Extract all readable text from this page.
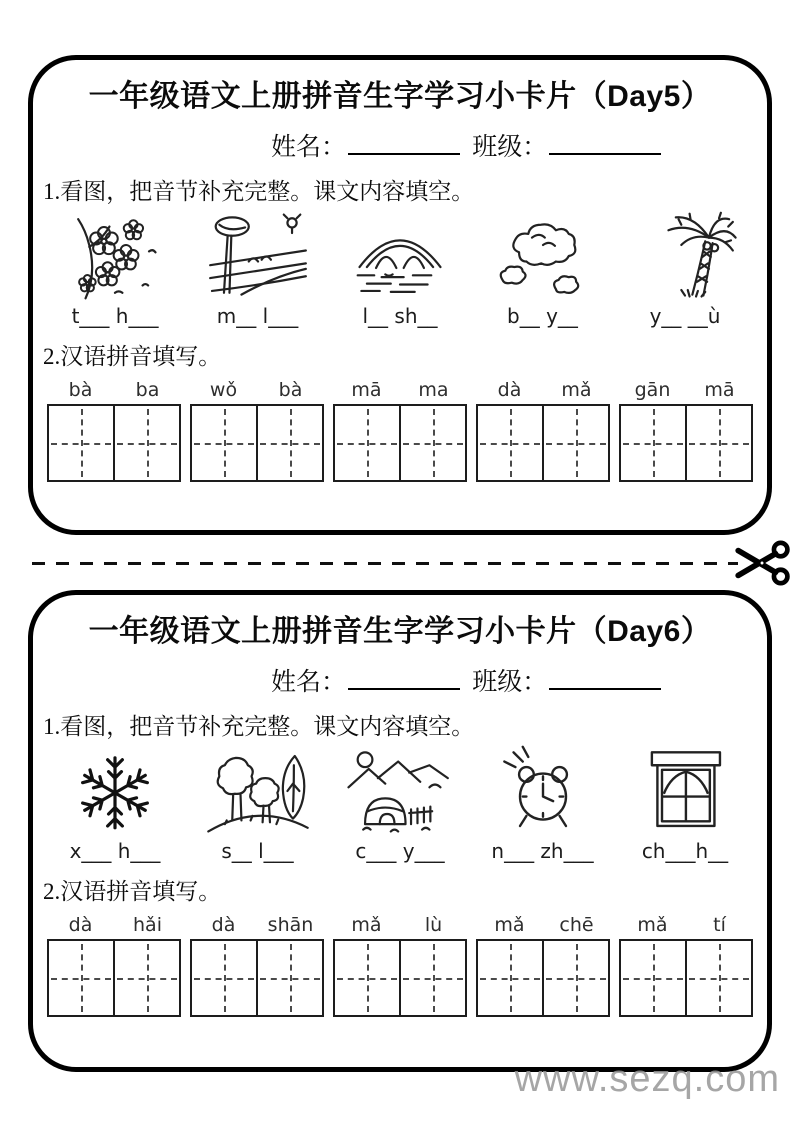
一年级语文上册拼音生字学习小卡片（Day5）
姓名：	班级：
1.看图，把音节补充完整。课文内容填空。
t___ h___	m__ l___	l__ sh__	b__ y__	y__ __ù
2.汉语拼音填写。
bà	ba	wǒ	bà	mā	ma	dà	mǎ	gān	mā
一年级语文上册拼音生字学习小卡片（Day6）
姓名：	班级：
1.看图，把音节补充完整。课文内容填空。
x___ h___	s__ l___	c___ y___ n___ zh___ ch___h__
2.汉语拼音填写。
dà	hǎi	dà	shān	mǎ	lù	mǎ	chē	mǎ	tí
www.sezq.com
